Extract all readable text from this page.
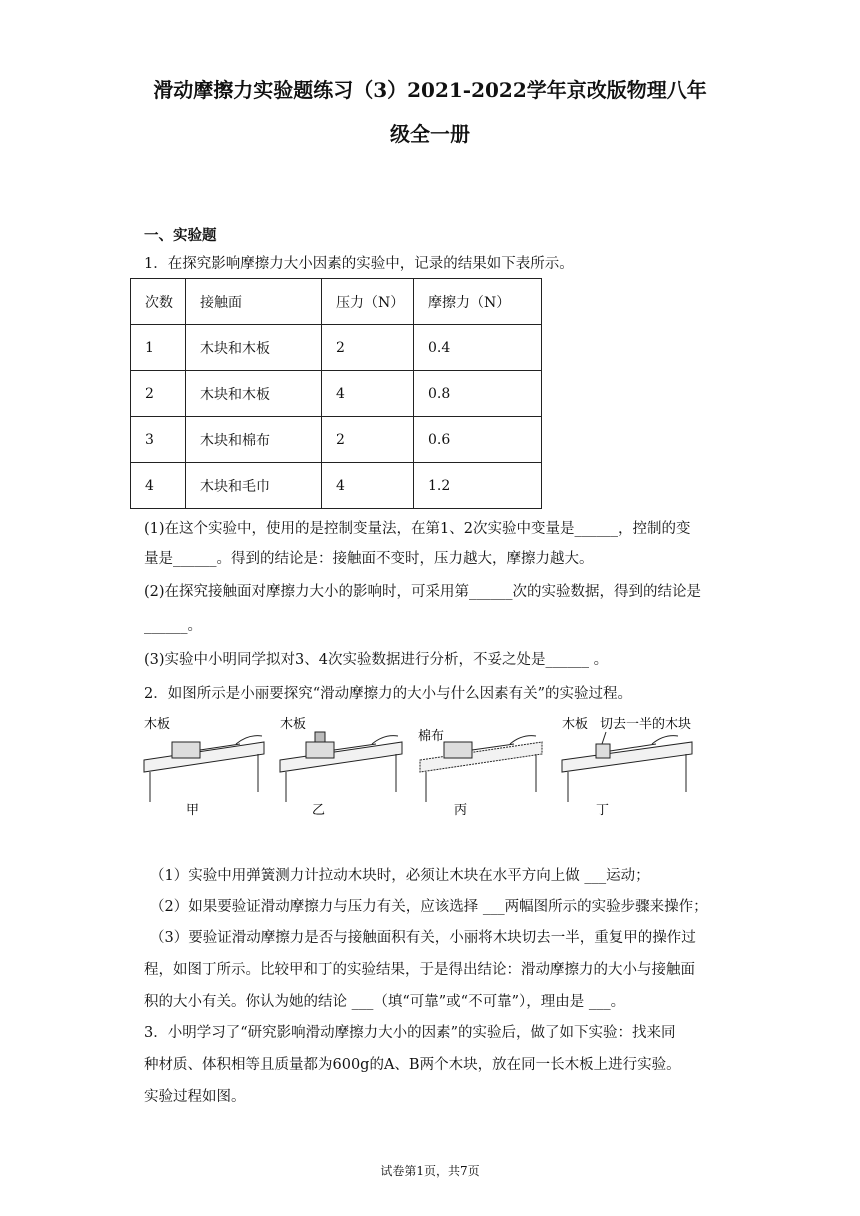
滑动摩擦力实验题练习（3）2021-2022学年京改版物理八年
级全一册
一、实验题
1．在探究影响摩擦力大小因素的实验中，记录的结果如下表所示。
次数	接触面	压力（N）	摩擦力（N）
1	木块和木板	2	0.4
2	木块和木板	4	0.8
3	木块和棉布	2	0.6
4	木块和毛巾	4	1.2
(1)在这个实验中，使用的是控制变量法，在第1、2次实验中变量是______，控制的变
量是______。得到的结论是：接触面不变时，压力越大，摩擦力越大。
(2)在探究接触面对摩擦力大小的影响时，可采用第______次的实验数据，得到的结论是
______。
(3)实验中小明同学拟对3、4次实验数据进行分析，不妥之处是______ 。
2．如图所示是小丽要探究“滑动摩擦力的大小与什么因素有关”的实验过程。
木板	木板
棉布
木板 切去一半的木块
甲	乙	丙	丁
（1）实验中用弹簧测力计拉动木块时，必须让木块在水平方向上做 ___运动；
（2）如果要验证滑动摩擦力与压力有关，应该选择 ___两幅图所示的实验步骤来操作；
（3）要验证滑动摩擦力是否与接触面积有关，小丽将木块切去一半，重复甲的操作过
程，如图丁所示。比较甲和丁的实验结果，于是得出结论：滑动摩擦力的大小与接触面
积的大小有关。你认为她的结论 ___（填“可靠”或“不可靠”），理由是 ___。
3．小明学习了“研究影响滑动摩擦力大小的因素”的实验后，做了如下实验：找来同
种材质、体积相等且质量都为600g的A、B两个木块，放在同一长木板上进行实验。
实验过程如图。
试卷第1页，共7页
